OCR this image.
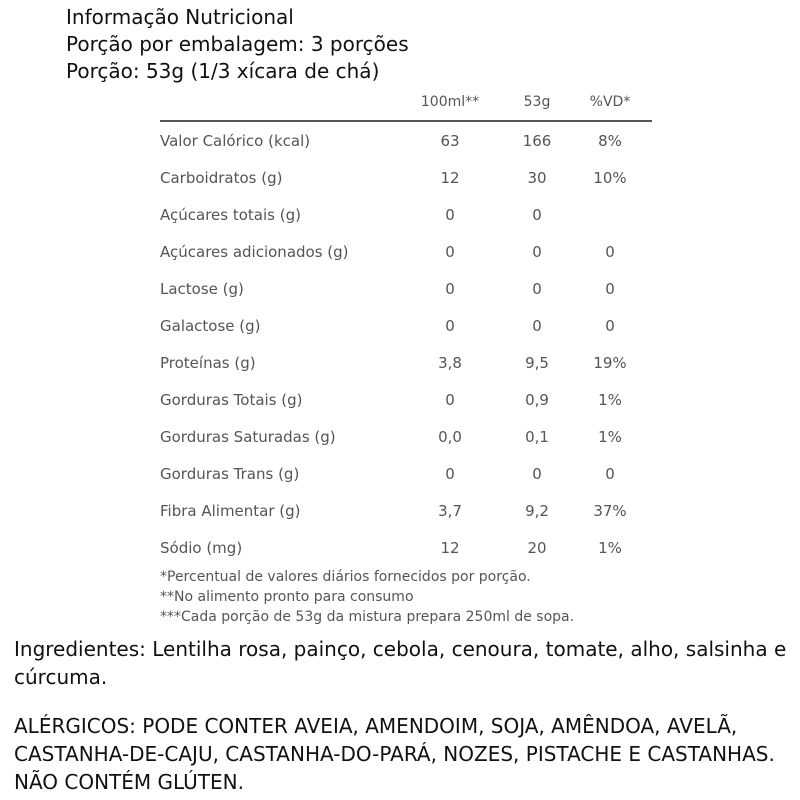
Informação Nutricional
Porção por embalagem: 3 porções
Porção: 53g (1/3 xícara de chá)
100ml**	53g	%VD*
Valor Calórico (kcal)	63	166	8%
Carboidratos (g)	12	30	10%
Açúcares totais (g)	0	0
Açúcares adicionados (g)	0	0	0
Lactose (g)	0	0	0
Galactose (g)	0	0	0
Proteínas (g)	3,8	9,5	19%
Gorduras Totais (g)	0	0,9	1%
Gorduras Saturadas (g)	0,0	0,1	1%
Gorduras Trans (g)	0	0	0
Fibra Alimentar (g)	3,7	9,2	37%
Sódio (mg)	12	20	1%
*Percentual de valores diários fornecidos por porção.
**No alimento pronto para consumo
***Cada porção de 53g da mistura prepara 250ml de sopa.
Ingredientes: Lentilha rosa, painço, cebola, cenoura, tomate, alho, salsinha e cúrcuma.
ALÉRGICOS: PODE CONTER AVEIA, AMENDOIM, SOJA, AMÊNDOA, AVELÃ, CASTANHA-DE-CAJU, CASTANHA-DO-PARÁ, NOZES, PISTACHE E CASTANHAS. NÃO CONTÉM GLÚTEN.
